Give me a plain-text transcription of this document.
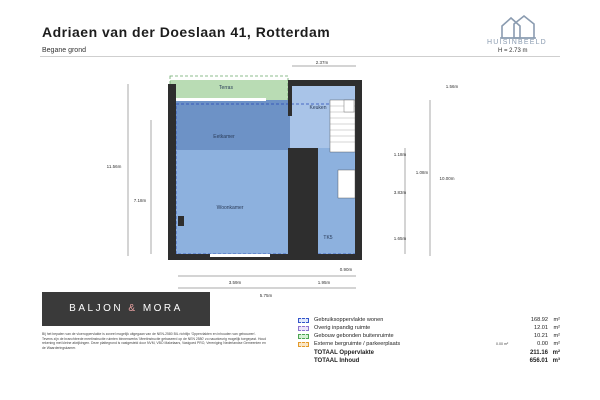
Adriaen van der Doeslaan 41, Rotterdam
Begane grond
HUISINBEELD
H = 2.73 m
2.37m
1.56m
11.56m
7.18m
1.18m
1.08m
10.00m
3.83m
1.65m
0.90m
3.59m	1.95m
5.75m
Terras
Keuken
Eetkamer
Woonkamer
TK5
BALJON & MORA
Bij het bepalen van de vloeroppervlakte is zoveel mogelijk uitgegaan van de NEN-2580 BIL richtlijn 'Oppervlakten en inhouden van gebouwen'. Tevens zijn de branchbrede meetinstructie ruimten binnenwerks 'Meetinstructie gebaseerd op de NEN 2580' zo nauwkeurig mogelijk toegepast. Houd rekening met kleine afwijkingen. Deze plattegrond is vastgesteld door NVM, VBO Makelaars, Vastgoed PRO, Vereniging Nederlandse Gemeenten en de Waarderingskamer.
Gebruiksoppervlakte wonen	168.92 m²
Overig inpandig ruimte	12.01 m²
Gebouw gebonden buitenruimte	10.21 m²
Externe bergruimte / parkeerplaats	0.00 m²	0.00 m²
TOTAAL Oppervlakte	211.16 m²
TOTAAL Inhoud	656.01 m³
